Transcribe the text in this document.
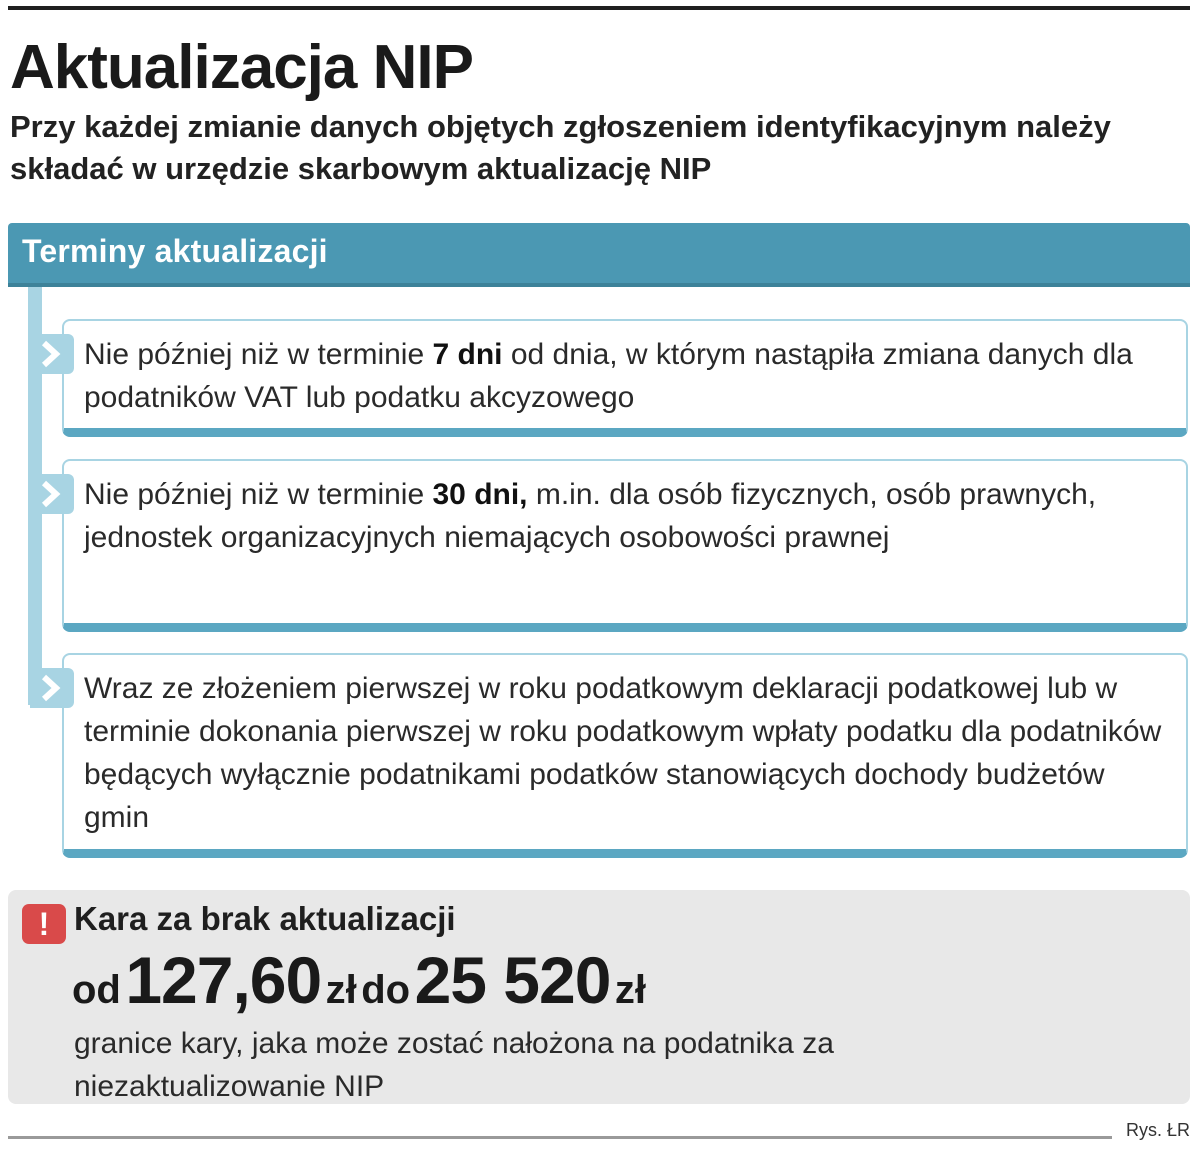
Aktualizacja NIP

Przy każdej zmianie danych objętych zgłoszeniem identyfikacyjnym należy składać w urzędzie skarbowym aktualizację NIP

Terminy aktualizacji
Nie później niż w terminie 7 dni od dnia, w którym nastąpiła zmiana danych dla podatników VAT lub podatku akcyzowego
Nie później niż w terminie 30 dni, m.in. dla osób fizycznych, osób prawnych, jednostek organizacyjnych niemających osobowości prawnej
Wraz ze złożeniem pierwszej w roku podatkowym deklaracji podatkowej lub w terminie dokonania pierwszej w roku podatkowym wpłaty podatku dla podatników będących wyłącznie podatnikami podatków stanowiących dochody budżetów gmin
! Kara za brak aktualizacji
od 127,60 zł do 25 520 zł
granice kary, jaka może zostać nałożona na podatnika za niezaktualizowanie NIP
Rys. ŁR
